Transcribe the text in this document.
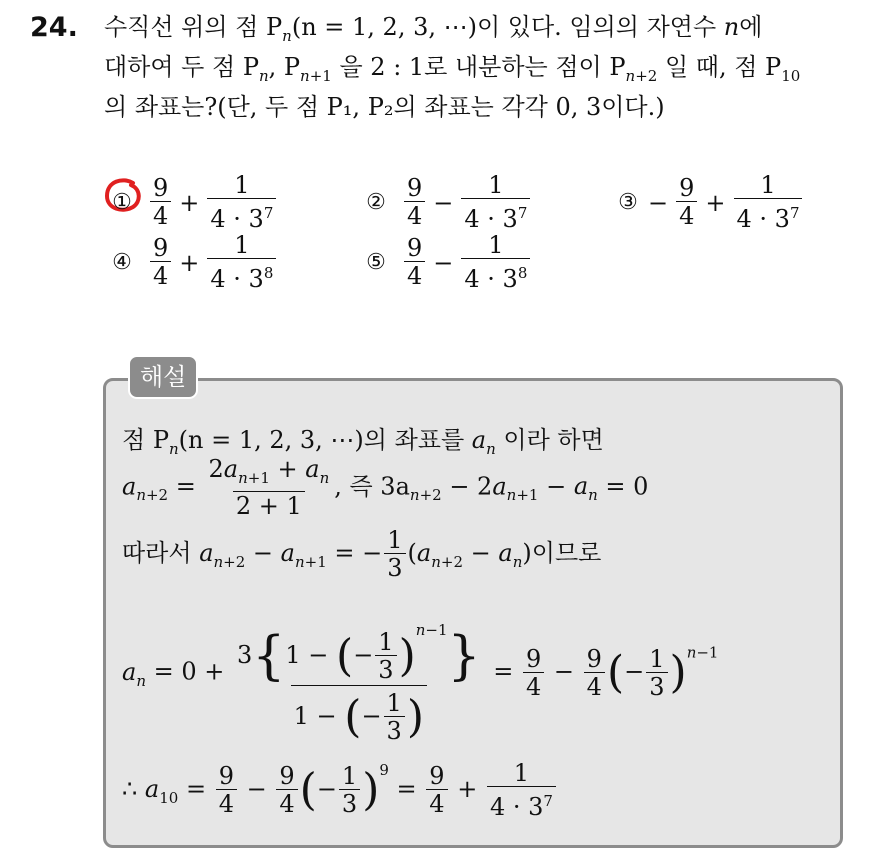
24. 수직선 위의 점 $P_n(n = 1$, 2, 3, ⋯)이 있다. 임의의 자연수 n에
대하여 두 점 $P_n$, $P_{n+1}$ 을 2 : 1로 내분하는 점이 $P_{n+2}$ 일 때, 점 $P_{10}$
의 좌표는?(단, 두 점 P₁, P₂의 좌표는 각각 0, 3이다.)
① $\frac{9}{4} + \frac{1}{4 \cdot 3^7}$	② $\frac{9}{4} - \frac{1}{4 \cdot 3^7}$	③ − $\frac{9}{4} + \frac{1}{4 \cdot 3^7}$
④ $\frac{9}{4} + \frac{1}{4 \cdot 3^8}$	⑤ $\frac{9}{4} - \frac{1}{4 \cdot 3^8}$
해설
점 $P_n(n = 1$, 2, 3, ⋯)의 좌표를 $a_n$ 이라 하면
$a_{n+2} = \frac{2a_{n+1} + a_n}{2 + 1}$ , 즉 $3a_{n+2} - 2a_{n+1} - a_n = 0$
따라서 $a_{n+2} - a_{n+1}$ = − $\frac{1}{3} (a_{n+2} - a_n)$이므로
$a_n = 0 + \frac{3\{1 - (- \frac{1}{3} )^{n-1}\}}{1 - (- \frac{1}{3} )} = \frac{9}{4} - \frac{9}{4}$ (− $\frac{1}{3} )^{n-1}$
∴ $a_{10} = \frac{9}{4} - \frac{9}{4}$ (− $\frac{1}{3} )^9 = \frac{9}{4} + \frac{1}{4 \cdot 3^7}$
